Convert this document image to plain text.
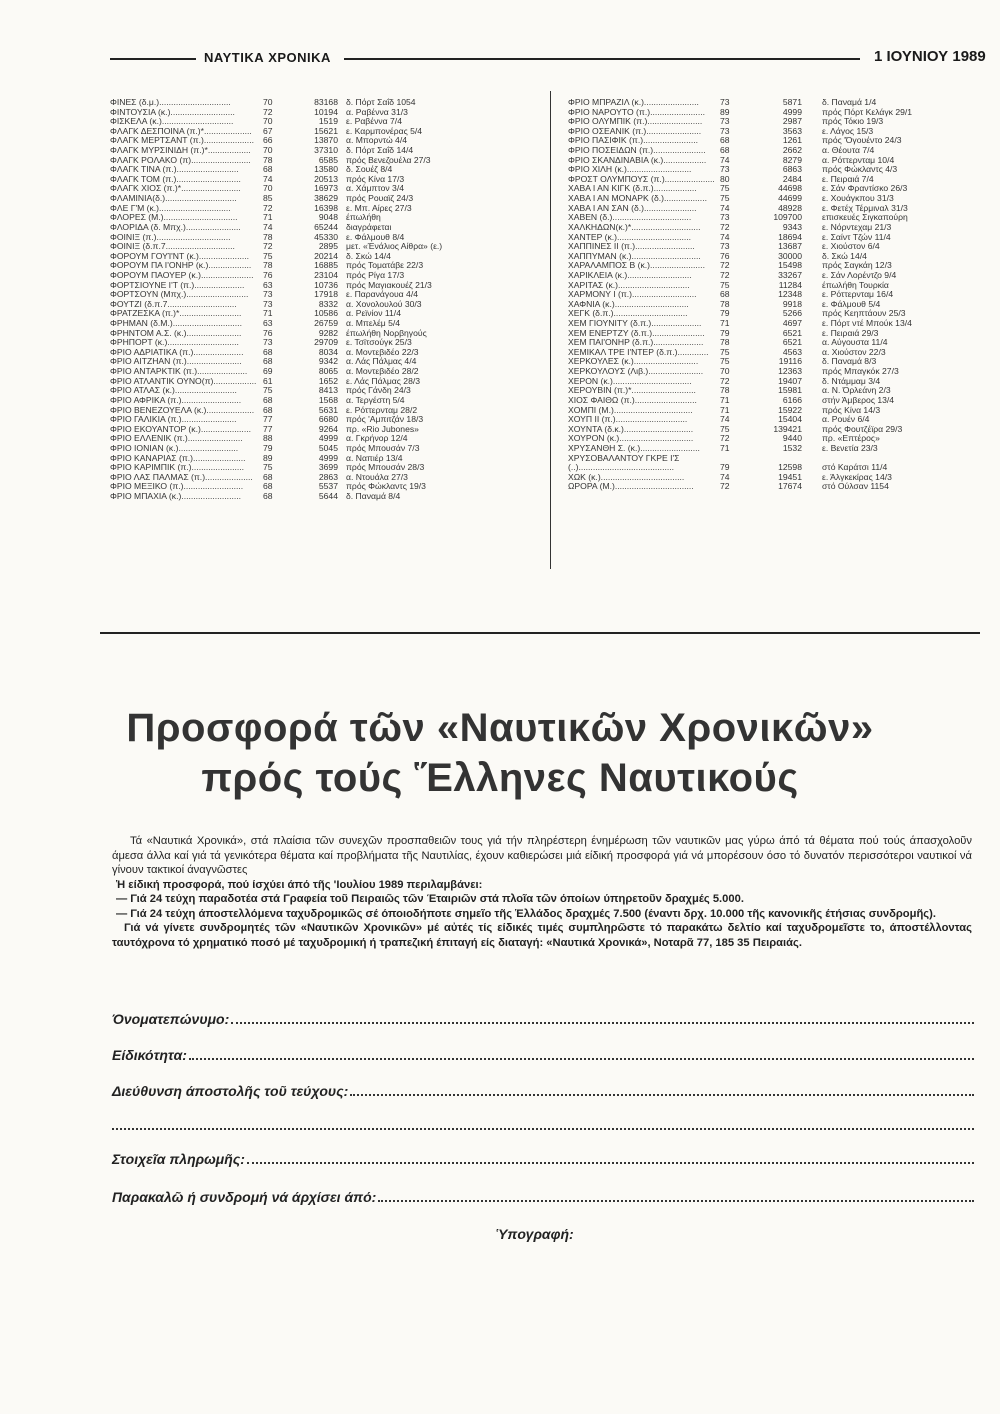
ΝΑΥΤΙΚΑ ΧΡΟΝΙΚΑ	1 ΙΟΥΝΙΟΥ 1989
ΦΙΝΕΣ (δ.μ.)..............................	70	83168 δ. Πόρτ Σαΐδ 1054
ΦΙΝΤΟΥΣΙΑ (κ.)...........................	72	10194 α. Ραβέννα 31/3
ΦΙΣΚΕΛΑ (κ.)..............................	70	1519 ε. Ραβέννα 7/4
ΦΛΑΓΚ ΔΕΣΠΟΙΝΑ (π.)*.................... 67	15621 ε. Καρμπονέρας 5/4
ΦΛΑΓΚ ΜΕΡΤΣΑΝΤ (π.)..................... 66	13870 α. Μπορντώ 4/4
ΦΛΑΓΚ ΜΥΡΣΙΝΙΔΗ (π.)*.................. 70	37310 δ. Πόρτ Σαΐδ 14/4
ΦΛΑΓΚ ΡΟΛΑΚΟ (π)......................... 78	6585 πρός Βενεζουέλα 27/3
ΦΛΑΓΚ ΤΙΝΑ (π.)..........................	68	13580 δ. Σουέζ 8/4
ΦΛΑΓΚ ΤΟΜ (π.)...........................	74	20513 πρός Κίνα 17/3
ΦΛΑΓΚ ΧΙΟΣ (π.)*.........................	70	16973 α. Χάμπτον 3/4
ΦΛΑΜΙΝΙΑ(δ.)..............................	85	38629 πρός Ρουαϊζ 24/3
ΦΛΕ Γ'Μ (κ.)..............................	72	16398 ε. Μπ. Αίρες 27/3
ΦΛΟΡΕΣ (Μ.)...............................	71	9048 έπωλήθη
ΦΛΟΡΙΔΑ (δ. Μπχ.).......................	74	65244 διαγράφεται
ΦΟΙΝΙΞ (π.)...............................	78	45330 ε. Φάλμουθ 8/4
ΦΟΙΝΙΞ (δ.π.7.............................	72	2895 μετ. «Ένάλιος Αίθρα» (ε.)
ΦΟΡΟΥΜ ΓΟΥΊ'ΝΤ (κ.)..................... 75	20214 δ. Σκώ 14/4
ΦΟΡΟΥΜ ΠΑ Ι'ΟΝΗΡ (κ.).................. 78	16885 πρός Τοματάβε 22/3
ΦΟΡΟΥΜ ΠΑΟΥΕΡ (κ.)...................... 76	23104 πρός Ρίγα 17/3
ΦΟΡΤΣΙΟΥΝΕ Ι'Τ (π.)..................... 63	10736 πρός Μαγιακουέζ 21/3
ΦΟΡΤΣΟΥΝ (Μπχ.).......................... 73	17918 ε. Παρανάγουα 4/4
ΦΟΥΤΖΙ (δ.π.7.............................	73	8332 α. Χονολουλού 30/3
ΦΡΑΤΖΕΣΚΑ (π.)*..........................	71	10586 α. Ρεϊνίον 11/4
ΦΡΗΜΑΝ (δ.Μ.)............................. 63	26759 α. Μπελέμ 5/4
ΦΡΗΝΤΟΜ Α.Σ. (κ.).......................	76	9282 έπωλήθη Νορβηγούς
ΦΡΗΠΟΡΤ (κ.)..............................	73	29709 ε. Τσϊτσούγκ 25/3
ΦΡΙΟ ΑΔΡΙΑΤΙΚΑ (π.)..................... 68	8034 α. Μοντεβιδέο 22/3
ΦΡΙΟ ΑΙΤΖΗΑΝ (π.)....................... 68	9342 α. Λάς Πάλμας 4/4
ΦΡΙΟ ΑΝΤΑΡΚΤΙΚ (π.)..................... 69	8065 α. Μοντεβιδέο 28/2
ΦΡΙΟ ΑΤΛΑΝΤΙΚ ΟΥΝΟ(π).................. 61	1652 ε. Λάς Πάλμας 28/3
ΦΡΙΟ ΑΤΛΑΣ (κ.)..........................	75	8413 πρός Γάνδη 24/3
ΦΡΙΟ ΑΦΡΙΚΑ (π.).........................	68	1568 α. Τεργέστη 5/4
ΦΡΙΟ ΒΕΝΕΖΟΥΕΛΑ (κ.).................... 68	5631 ε. Ρόττερνταμ 28/2
ΦΡΙΟ ΓΑΛΙΚΙΑ (π.).......................	77	6680 πρός 'Αμπιτζάν 18/3
ΦΡΙΟ ΕΚΟΥΑΝΤΟΡ (κ.)..................... 77	9264 πρ. «Rio Jubones»
ΦΡΙΟ ΕΛΛΕΝΙΚ (π.)....................... 88	4999 α. Γκρήνορ 12/4
ΦΡΙΟ ΙΟΝΙΑΝ (κ.).........................	79	5045 πρός Μπουσάν 7/3
ΦΡΙΟ ΚΑΝΑΡΙΑΣ (π.)...................... 89	4999 α. Ναπιέρ 13/4
ΦΡΙΟ ΚΑΡΙΜΠΙΚ (π.)...................... 75	3699 πρός Μπουσάν 28/3
ΦΡΙΟ ΛΑΣ ΠΑΛΜΑΣ (π.).................... 68	2863 α. Ντουάλα 27/3
ΦΡΙΟ ΜΕΞΙΚΟ (π.)......................... 68	5537 πρός Φώκλαντς 19/3
ΦΡΙΟ ΜΠΑΧΙΑ (κ.).........................	68	5644 δ. Παναμά 8/4
ΦΡΙΟ ΜΠΡΑΖΙΛ (κ.)....................... 73	5871 δ. Παναμά 1/4
ΦΡΙΟ ΝΑΡΟΥΤΟ (π.)....................... 89	4999 πρός Πόρτ Κελάγκ 29/1
ΦΡΙΟ ΟΛΥΜΠΙΚ (π.)....................... 73	2987 πρός Τόκιο 19/3
ΦΡΙΟ ΟΣΕΑΝΙΚ (π.)....................... 73	3563 ε. Λάγος 15/3
ΦΡΙΟ ΠΑΣΙΦΙΚ (π.).......................	68	1261 πρός 'Όγουέντο 24/3
ΦΡΙΟ ΠΟΣΕΙΔΩΝ (π.)...................... 68	2662 α. Θέουτα 7/4
ΦΡΙΟ ΣΚΑΝΔΙΝΑΒΙΑ (κ.).................. 74	8279 α. Ρόττερνταμ 10/4
ΦΡΙΟ ΧΙΛΗ (κ.)...........................	73	6863 πρός Φώκλαντς 4/3
ΦΡΟΣΤ ΟΛΥΜΠΟΥΣ (π.)..................... 80	2484 ε. Πειραιά 7/4
ΧΑΒΑ Ι ΑΝ ΚΙΓΚ (δ.π.)..................	75	44698 ε. Σάν Φραντίσκο 26/3
ΧΑΒΑ Ι ΑΝ ΜΟΝΑΡΚ (δ.).................. 75	44699 ε. Χουάγκπου 31/3
ΧΑΒΑ Ι ΑΝ ΣΑΝ (δ.)......................	74	48928 ε. Φετέχ Τέρμιναλ 31/3
ΧΑΒΕΝ (δ.).................................	73	109700 επισκευές Σιγκαπούρη
ΧΑΛΚΗΔΩΝ(κ.)*............................. 72	9343 ε. Νόρντεχαμ 21/3
ΧΑΝΤΕΡ (κ.)...............................	74	18694 ε. Σαίντ Τζών 11/4
ΧΑΠΠΙΝΕΣ ΙΙ (π.).........................	73	13687 ε. Χιούστον 6/4
ΧΑΠΠΥΜΑΝ (κ.)............................. 76	30000 δ. Σκώ 14/4
ΧΑΡΑΛΑΜΠΟΣ Β (κ.)....................... 72	15498 πρός Σαγκάη 12/3
ΧΑΡΙΚΛΕΙΑ (κ.)...........................	72	33267 ε. Σάν Λορέντζο 9/4
ΧΑΡΙΤΑΣ (κ.)..............................	75	11284 έπωλήθη Τουρκία
ΧΑΡΜΟΝΥ Ι (π.)...........................	68	12348 ε. Ρόττερνταμ 16/4
ΧΑΦΝΙΑ (κ.)...............................	78	9918 ε. Φάλμουθ 5/4
ΧΕΓΚ (δ.π.)...............................	79	5266 πρός Κεηπτάουν 25/3
ΧΕΜ ΓΙΟΥΝΙΤΥ (δ.π.)..................... 71	4697 ε. Πόρτ ντέ Μπούκ 13/4
ΧΕΜ ΕΝΕΡΤΖΥ (δ.π.)...................... 79	6521 ε. Πειραιά 29/3
ΧΕΜ ΠΑΙ'ΟΝΗΡ (δ.π.)..................... 78	6521 α. Αύγουστα 11/4
ΧΕΜΙΚΑΛ ΤΡΕ Ι'ΝΤΕΡ (δ.π.)............. 75	4563 α. Χιούστον 22/3
ΧΕΡΚΟΥΛΕΣ (κ.)...........................	75	19116 δ. Παναμά 8/3
ΧΕΡΚΟΥΛΟΥΣ (Λιβ.)....................... 70	12363 πρός Μπαγκόκ 27/3
ΧΕΡΟΝ (κ.).................................	72	19407 δ. Ντάμμαμ 3/4
ΧΕΡΟΥΒΙΝ (π.)*...........................	78	15981 α. Ν. Όρλεάνη 2/3
ΧΙΟΣ ΦΑΙΘΩ (π.)..........................	71	6166 στήν Άμβερος 13/4
ΧΟΜΠΙ (Μ.).................................	71	15922 πρός Κίνα 14/3
ΧΟΥΠ ΙΙ (π.)..............................	74	15404 α. Ρουέν 6/4
ΧΟΥΝΤΑ (δ.κ.).............................	75	139421 πρός Φουτζέϊρα 29/3
ΧΟΥΡΟΝ (κ.)...............................	72	9440 πρ. «Επτέρος»
ΧΡΥΣΑΝΘΗ Σ. (κ.)......................... 71	1532 ε. Βενετία 23/3
ΧΡΥΣΟΒΑΛΑΝΤΟΥ ΓΚΡΕ Ι'Σ
(..)........................................	79	12598 στό Καράτσι 11/4
ΧΩΚ (κ.)...................................	74	19451 ε. Άλγκεκίρας 14/3
ΩΡΟΡΑ (Μ.).................................	72	17674 στό Ούλσαν 1154
Προσφορά τῶν «Ναυτικῶν Χρονικῶν»
πρός τούς Ἕλληνες Ναυτικούς

Τά «Ναυτικά Χρονικά», στά πλαίσια τῶν συνεχῶν προσπαθειῶν τους γιά τήν πληρέστερη ένημέρωση τῶν ναυτικῶν μας γύρω άπό τά θέματα πού τούς άπασχολοῦν άμεσα άλλα καί γιά τά γενικότερα θέματα καί προβλήματα τῆς Ναυτιλίας, έχουν καθιερώσει μιά είδική προσφορά γιά νά μπορέσουν όσο τό δυνατόν περισσότεροι ναυτικοί νά γίνουν τακτικοί άναγνῶστες

Ἡ είδική προσφορά, πού ίσχύει άπό τῆς 'Ιουλίου 1989 περιλαμβάνει:

— Γιά 24 τεύχη παραδοτέα στά Γραφεία τοῦ Πειραιῶς τῶν Έταιριῶν στά πλοῖα τῶν όποίων ύπηρετοῦν δραχμές 5.000.

— Γιά 24 τεύχη άποστελλόμενα ταχυδρομικῶς σέ όποιοδήποτε σημεῖο τῆς Ἑλλάδος δραχμές 7.500 (έναντι δρχ. 10.000 τῆς κανονικῆς έτήσιας συνδρομῆς).

Γιά νά γίνετε συνδρομητές τῶν «Ναυτικῶν Χρονικῶν» μέ αὐτές τίς είδικές τιμές συμπληρῶστε τό παρακάτω δελτίο καί ταχυδρομεῖστε το, άποστέλλοντας ταυτόχρονα τό χρηματικό ποσό μέ ταχυδρομική ή τραπεζική έπιταγή είς διαταγή: «Ναυτικά Χρονικά», Νοταρᾶ 77, 185 35 Πειραιάς.

Όνοματεπώνυμο:
Είδικότητα:
Διεύθυνση άποστολῆς τοῦ τεύχους:
Στοιχεῖα πληρωμῆς:
Παρακαλῶ ή συνδρομή νά άρχίσει άπό:
Ὑπογραφή:
